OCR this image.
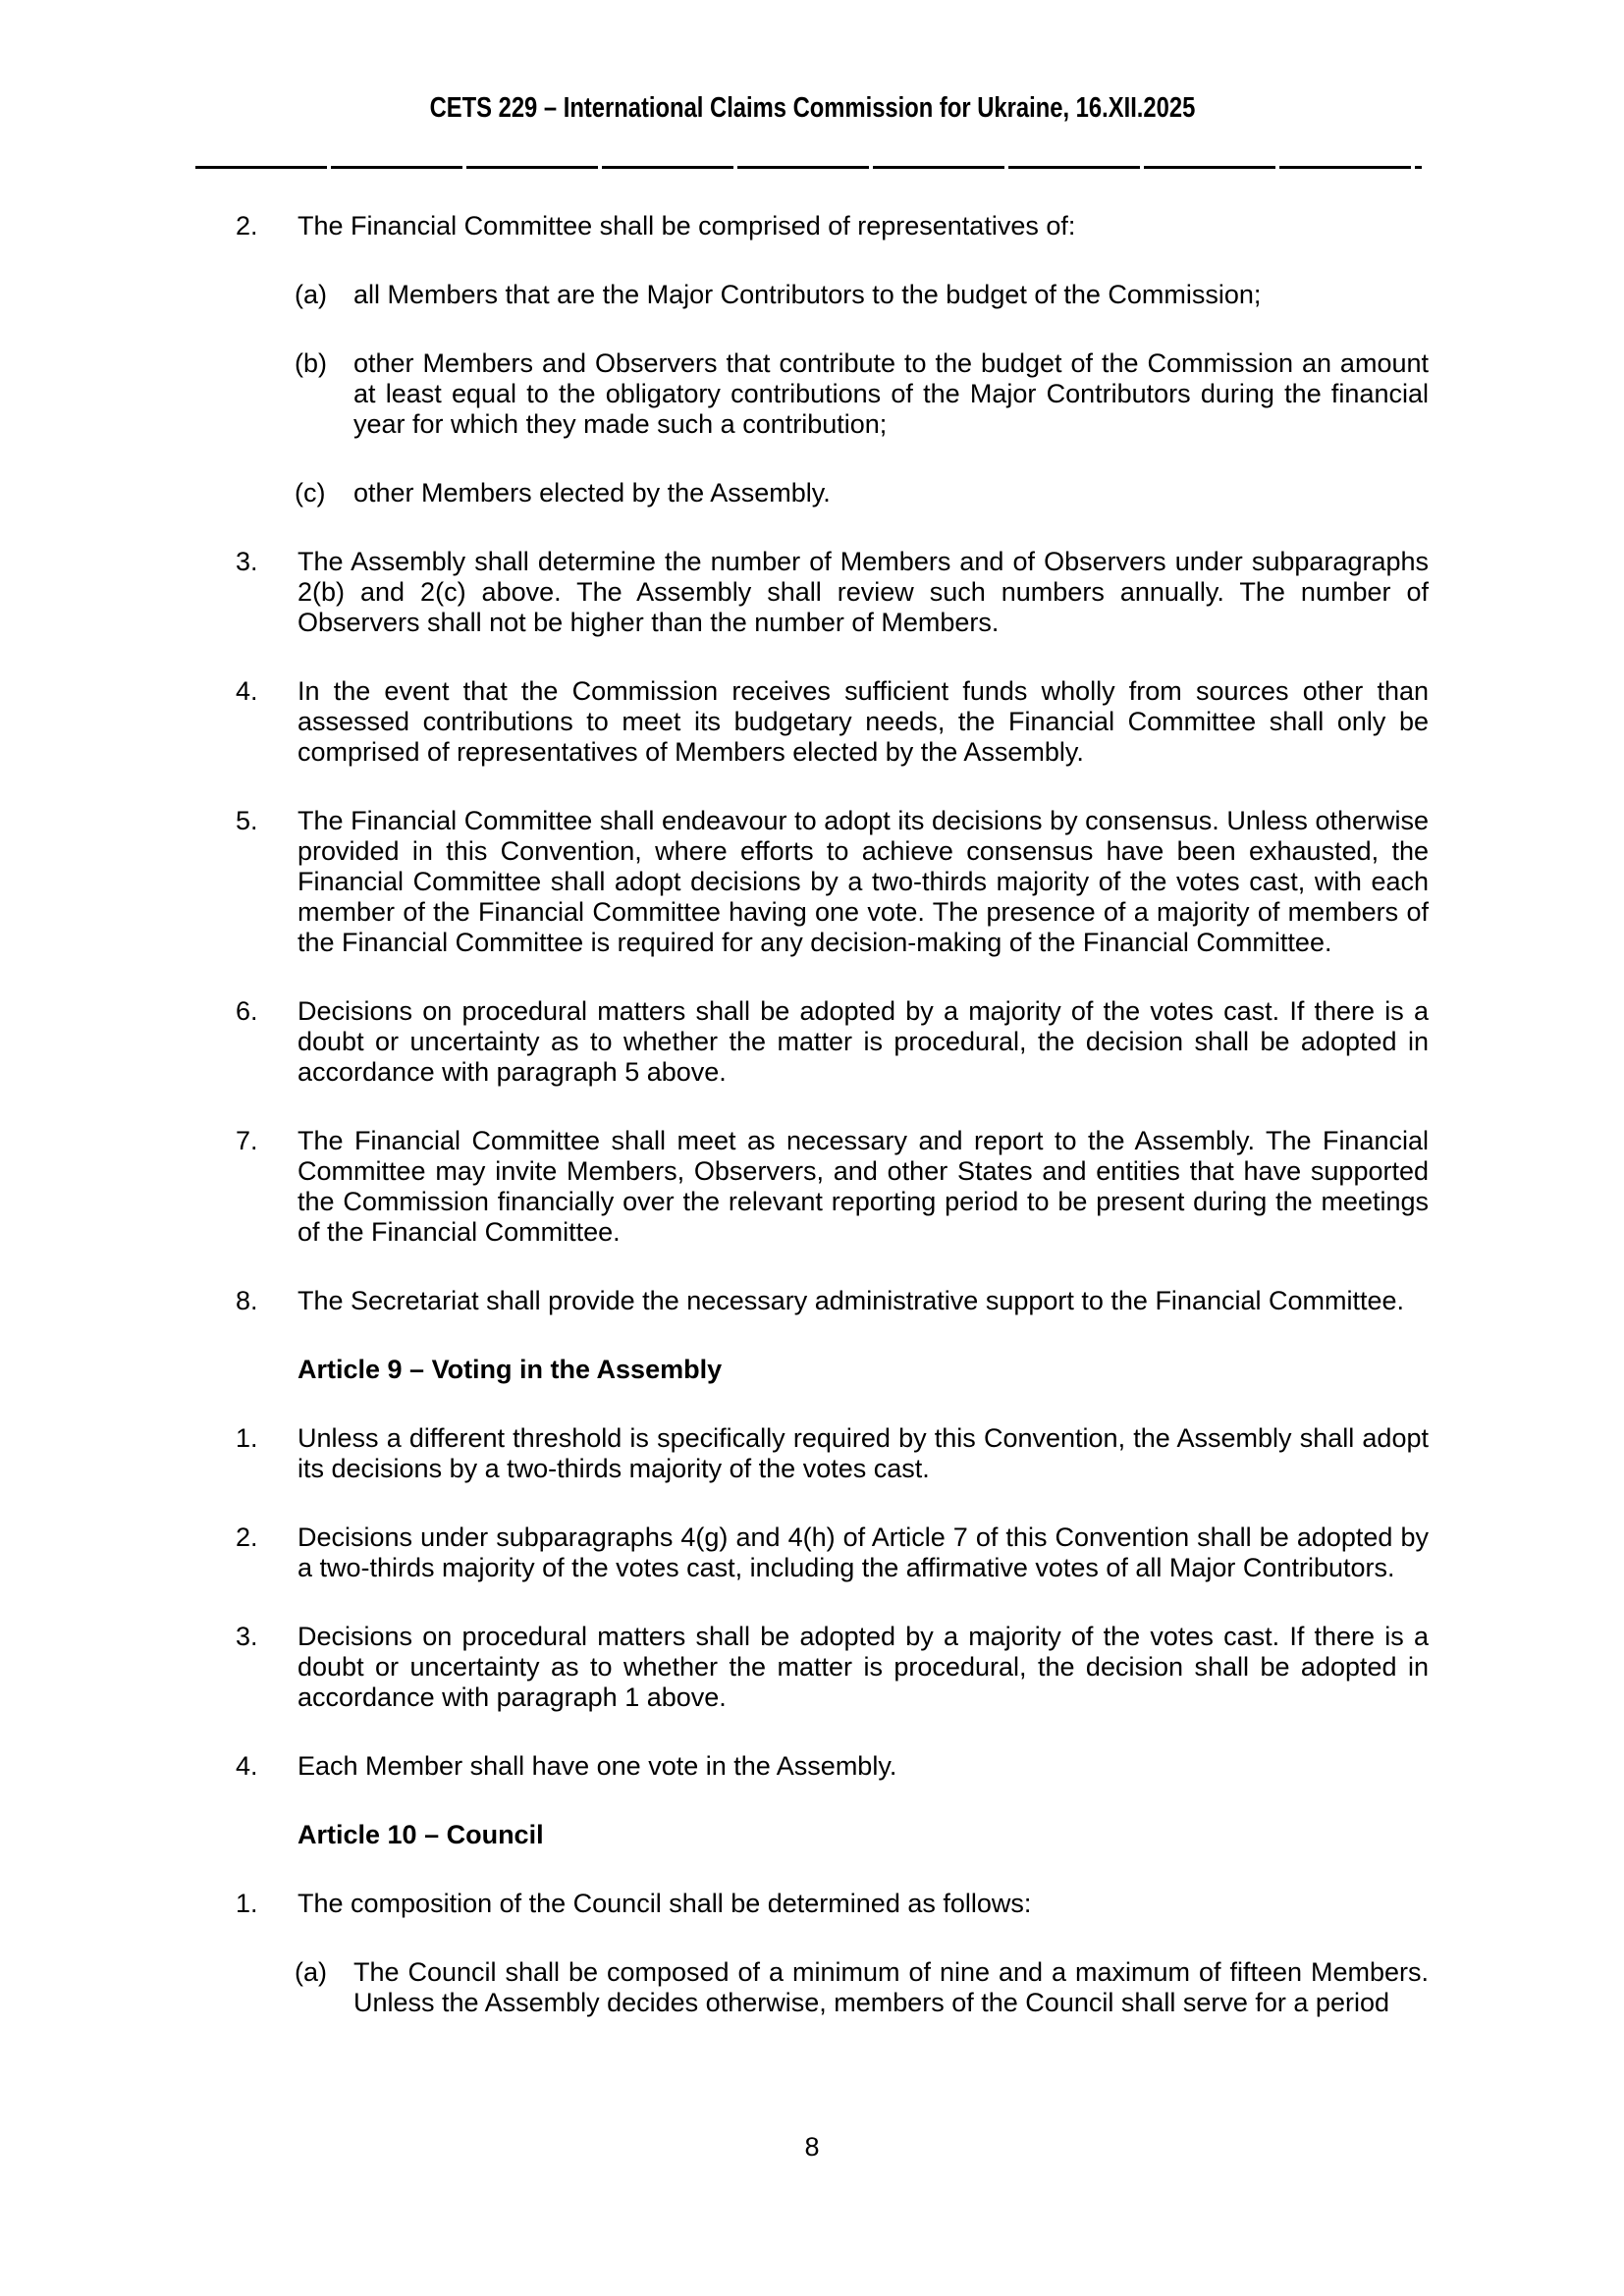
CETS 229 – International Claims Commission for Ukraine, 16.XII.2025
2.	The Financial Committee shall be comprised of representatives of:
(a)	all Members that are the Major Contributors to the budget of the Commission;
(b)	other Members and Observers that contribute to the budget of the Commission an amount at least equal to the obligatory contributions of the Major Contributors during the financial year for which they made such a contribution;
(c)	other Members elected by the Assembly.
3.	The Assembly shall determine the number of Members and of Observers under subparagraphs 2(b) and 2(c) above. The Assembly shall review such numbers annually. The number of Observers shall not be higher than the number of Members.
4.	In the event that the Commission receives sufficient funds wholly from sources other than assessed contributions to meet its budgetary needs, the Financial Committee shall only be comprised of representatives of Members elected by the Assembly.
5.	The Financial Committee shall endeavour to adopt its decisions by consensus. Unless otherwise provided in this Convention, where efforts to achieve consensus have been exhausted, the Financial Committee shall adopt decisions by a two-thirds majority of the votes cast, with each member of the Financial Committee having one vote. The presence of a majority of members of the Financial Committee is required for any decision-making of the Financial Committee.
6.	Decisions on procedural matters shall be adopted by a majority of the votes cast. If there is a doubt or uncertainty as to whether the matter is procedural, the decision shall be adopted in accordance with paragraph 5 above.
7.	The Financial Committee shall meet as necessary and report to the Assembly. The Financial Committee may invite Members, Observers, and other States and entities that have supported the Commission financially over the relevant reporting period to be present during the meetings of the Financial Committee.
8.	The Secretariat shall provide the necessary administrative support to the Financial Committee.
Article 9 – Voting in the Assembly
1.	Unless a different threshold is specifically required by this Convention, the Assembly shall adopt its decisions by a two-thirds majority of the votes cast.
2.	Decisions under subparagraphs 4(g) and 4(h) of Article 7 of this Convention shall be adopted by a two-thirds majority of the votes cast, including the affirmative votes of all Major Contributors.
3.	Decisions on procedural matters shall be adopted by a majority of the votes cast. If there is a doubt or uncertainty as to whether the matter is procedural, the decision shall be adopted in accordance with paragraph 1 above.
4.	Each Member shall have one vote in the Assembly.
Article 10 – Council
1.	The composition of the Council shall be determined as follows:
(a)	The Council shall be composed of a minimum of nine and a maximum of fifteen Members. Unless the Assembly decides otherwise, members of the Council shall serve for a period
8
